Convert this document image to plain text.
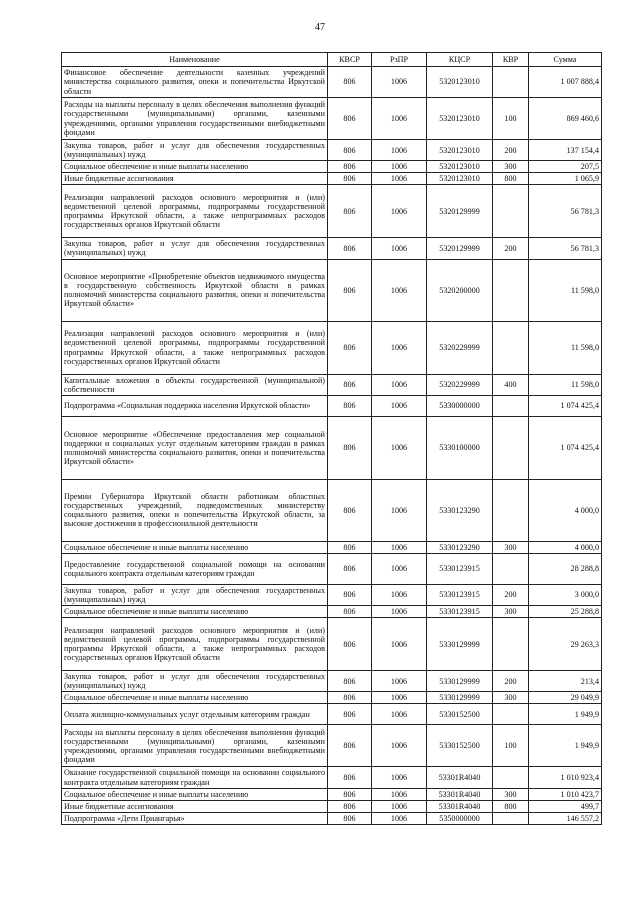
47
Наименование	КВСР	РзПР	КЦСР	КВР	Сумма
Финансовое обеспечение деятельности казенных учреждений министерства социального развития, опеки и попечительства Иркутской области	806	1006	5320123010		1 007 888,4
Расходы на выплаты персоналу в целях обеспечения выполнения функций государственными (муниципальными) органами, казенными учреждениями, органами управления государственными внебюджетными фондами	806	1006	5320123010	100	869 460,6
Закупка товаров, работ и услуг для обеспечения государственных (муниципальных) нужд	806	1006	5320123010	200	137 154,4
Социальное обеспечение и иные выплаты населению	806	1006	5320123010	300	207,5
Иные бюджетные ассигнования	806	1006	5320123010	800	1 065,9
Реализация направлений расходов основного мероприятия и (или) ведомственной целевой программы, подпрограммы государственной программы Иркутской области, а также непрограммных расходов государственных органов Иркутской области	806	1006	5320129999		56 781,3
Закупка товаров, работ и услуг для обеспечения государственных (муниципальных) нужд	806	1006	5320129999	200	56 781,3
Основное мероприятие «Приобретение объектов недвижимого имущества в государственную собственность Иркутской области в рамках полномочий министерства социального развития, опеки и попечительства Иркутской области»	806	1006	5320200000		11 598,0
Реализация направлений расходов основного мероприятия и (или) ведомственной целевой программы, подпрограммы государственной программы Иркутской области, а также непрограммных расходов государственных органов Иркутской области	806	1006	5320229999		11 598,0
Капитальные вложения в объекты государственной (муниципальной) собственности	806	1006	5320229999	400	11 598,0
Подпрограмма «Социальная поддержка населения Иркутской области»	806	1006	5330000000		1 074 425,4
Основное мероприятие «Обеспечение предоставления мер социальной поддержки и социальных услуг отдельным категориям граждан в рамках полномочий министерства социального развития, опеки и попечительства Иркутской области»	806	1006	5330100000		1 074 425,4
Премии Губернатора Иркутской области работникам областных государственных учреждений, подведомственных министерству социального развития, опеки и попечительства Иркутской области, за высокие достижения в профессиональной деятельности	806	1006	5330123290		4 000,0
Социальное обеспечение и иные выплаты населению	806	1006	5330123290	300	4 000,0
Предоставление государственной социальной помощи на основании социального контракта отдельным категориям граждан	806	1006	5330123915		28 288,8
Закупка товаров, работ и услуг для обеспечения государственных (муниципальных) нужд	806	1006	5330123915	200	3 000,0
Социальное обеспечение и иные выплаты населению	806	1006	5330123915	300	25 288,8
Реализация направлений расходов основного мероприятия и (или) ведомственной целевой программы, подпрограммы государственной программы Иркутской области, а также непрограммных расходов государственных органов Иркутской области	806	1006	5330129999		29 263,3
Закупка товаров, работ и услуг для обеспечения государственных (муниципальных) нужд	806	1006	5330129999	200	213,4
Социальное обеспечение и иные выплаты населению	806	1006	5330129999	300	29 049,9
Оплата жилищно-коммунальных услуг отдельным категориям граждан	806	1006	5330152500		1 949,9
Расходы на выплаты персоналу в целях обеспечения выполнения функций государственными (муниципальными) органами, казенными учреждениями, органами управления государственными внебюджетными фондами	806	1006	5330152500	100	1 949,9
Оказание государственной социальной помощи на основании социального контракта отдельным категориям граждан	806	1006	53301R4040		1 010 923,4
Социальное обеспечение и иные выплаты населению	806	1006	53301R4040	300	1 010 423,7
Иные бюджетные ассигнования	806	1006	53301R4040	800	499,7
Подпрограмма «Дети Приангарья»	806	1006	5350000000		146 557,2
